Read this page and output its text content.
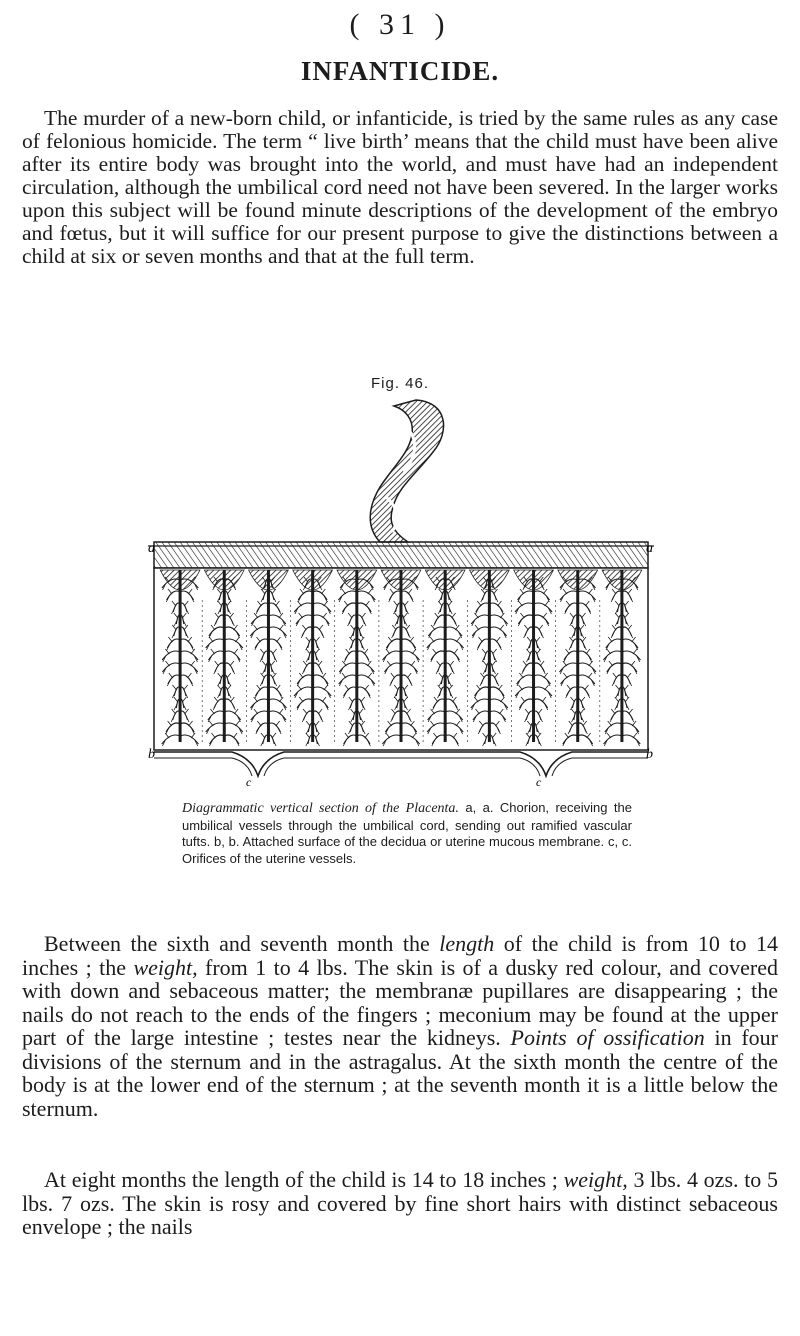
( 31 )
INFANTICIDE.

The murder of a new-born child, or infanticide, is tried by the same rules as any case of felonious homicide. The term “ live birth’ means that the child must have been alive after its entire body was brought into the world, and must have had an independent circulation, although the umbilical cord need not have been severed. In the larger works upon this subject will be found minute descriptions of the development of the embryo and fœtus, but it will suffice for our present purpose to give the distinctions between a child at six or seven months and that at the full term.

Fig. 46.
a	a
b	b
c	c

Diagrammatic vertical section of the Placenta. a, a. Chorion, receiving the umbilical vessels through the umbilical cord, sending out ramified vascular tufts. b, b. Attached surface of the decidua or uterine mucous membrane. c, c. Orifices of the uterine vessels.

Between the sixth and seventh month the length of the child is from 10 to 14 inches ; the weight, from 1 to 4 lbs. The skin is of a dusky red colour, and covered with down and sebaceous matter; the membranæ pupillares are disappearing ; the nails do not reach to the ends of the fingers ; meconium may be found at the upper part of the large intestine ; testes near the kidneys. Points of ossification in four divisions of the sternum and in the astragalus. At the sixth month the centre of the body is at the lower end of the sternum ; at the seventh month it is a little below the sternum.

At eight months the length of the child is 14 to 18 inches ; weight, 3 lbs. 4 ozs. to 5 lbs. 7 ozs. The skin is rosy and covered by fine short hairs with distinct sebaceous envelope ; the nails
